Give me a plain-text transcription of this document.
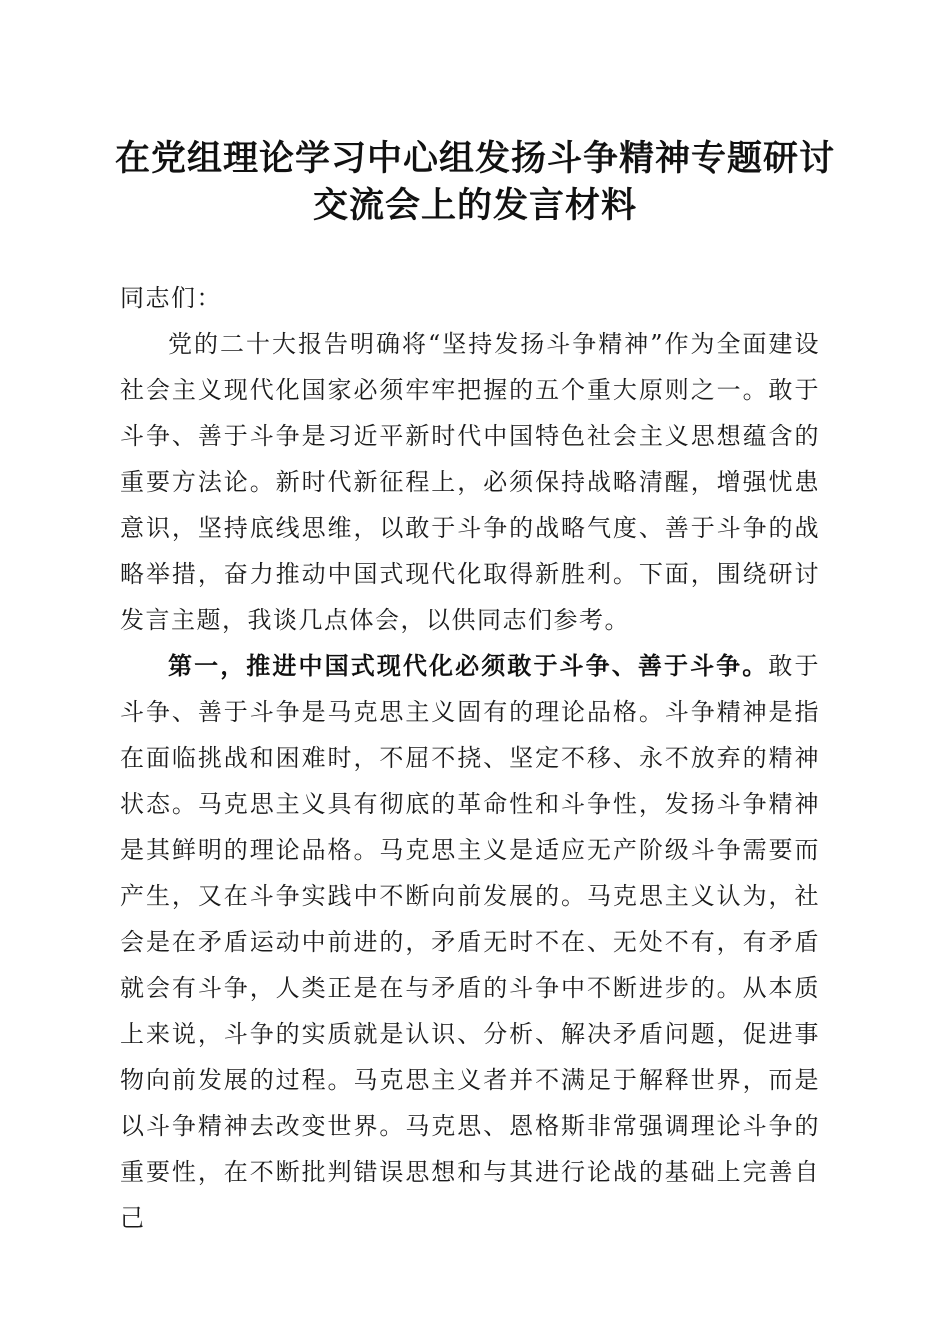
在党组理论学习中心组发扬斗争精神专题研讨
交流会上的发言材料

同志们：

党的二十大报告明确将“坚持发扬斗争精神”作为全面建设社会主义现代化国家必须牢牢把握的五个重大原则之一。敢于斗争、善于斗争是习近平新时代中国特色社会主义思想蕴含的重要方法论。新时代新征程上，必须保持战略清醒，增强忧患意识，坚持底线思维，以敢于斗争的战略气度、善于斗争的战略举措，奋力推动中国式现代化取得新胜利。下面，围绕研讨发言主题，我谈几点体会，以供同志们参考。

第一，推进中国式现代化必须敢于斗争、善于斗争。敢于斗争、善于斗争是马克思主义固有的理论品格。斗争精神是指在面临挑战和困难时，不屈不挠、坚定不移、永不放弃的精神状态。马克思主义具有彻底的革命性和斗争性，发扬斗争精神是其鲜明的理论品格。马克思主义是适应无产阶级斗争需要而产生，又在斗争实践中不断向前发展的。马克思主义认为，社会是在矛盾运动中前进的，矛盾无时不在、无处不有，有矛盾就会有斗争，人类正是在与矛盾的斗争中不断进步的。从本质上来说，斗争的实质就是认识、分析、解决矛盾问题，促进事物向前发展的过程。马克思主义者并不满足于解释世界，而是以斗争精神去改变世界。马克思、恩格斯非常强调理论斗争的重要性，在不断批判错误思想和与其进行论战的基础上完善自己
